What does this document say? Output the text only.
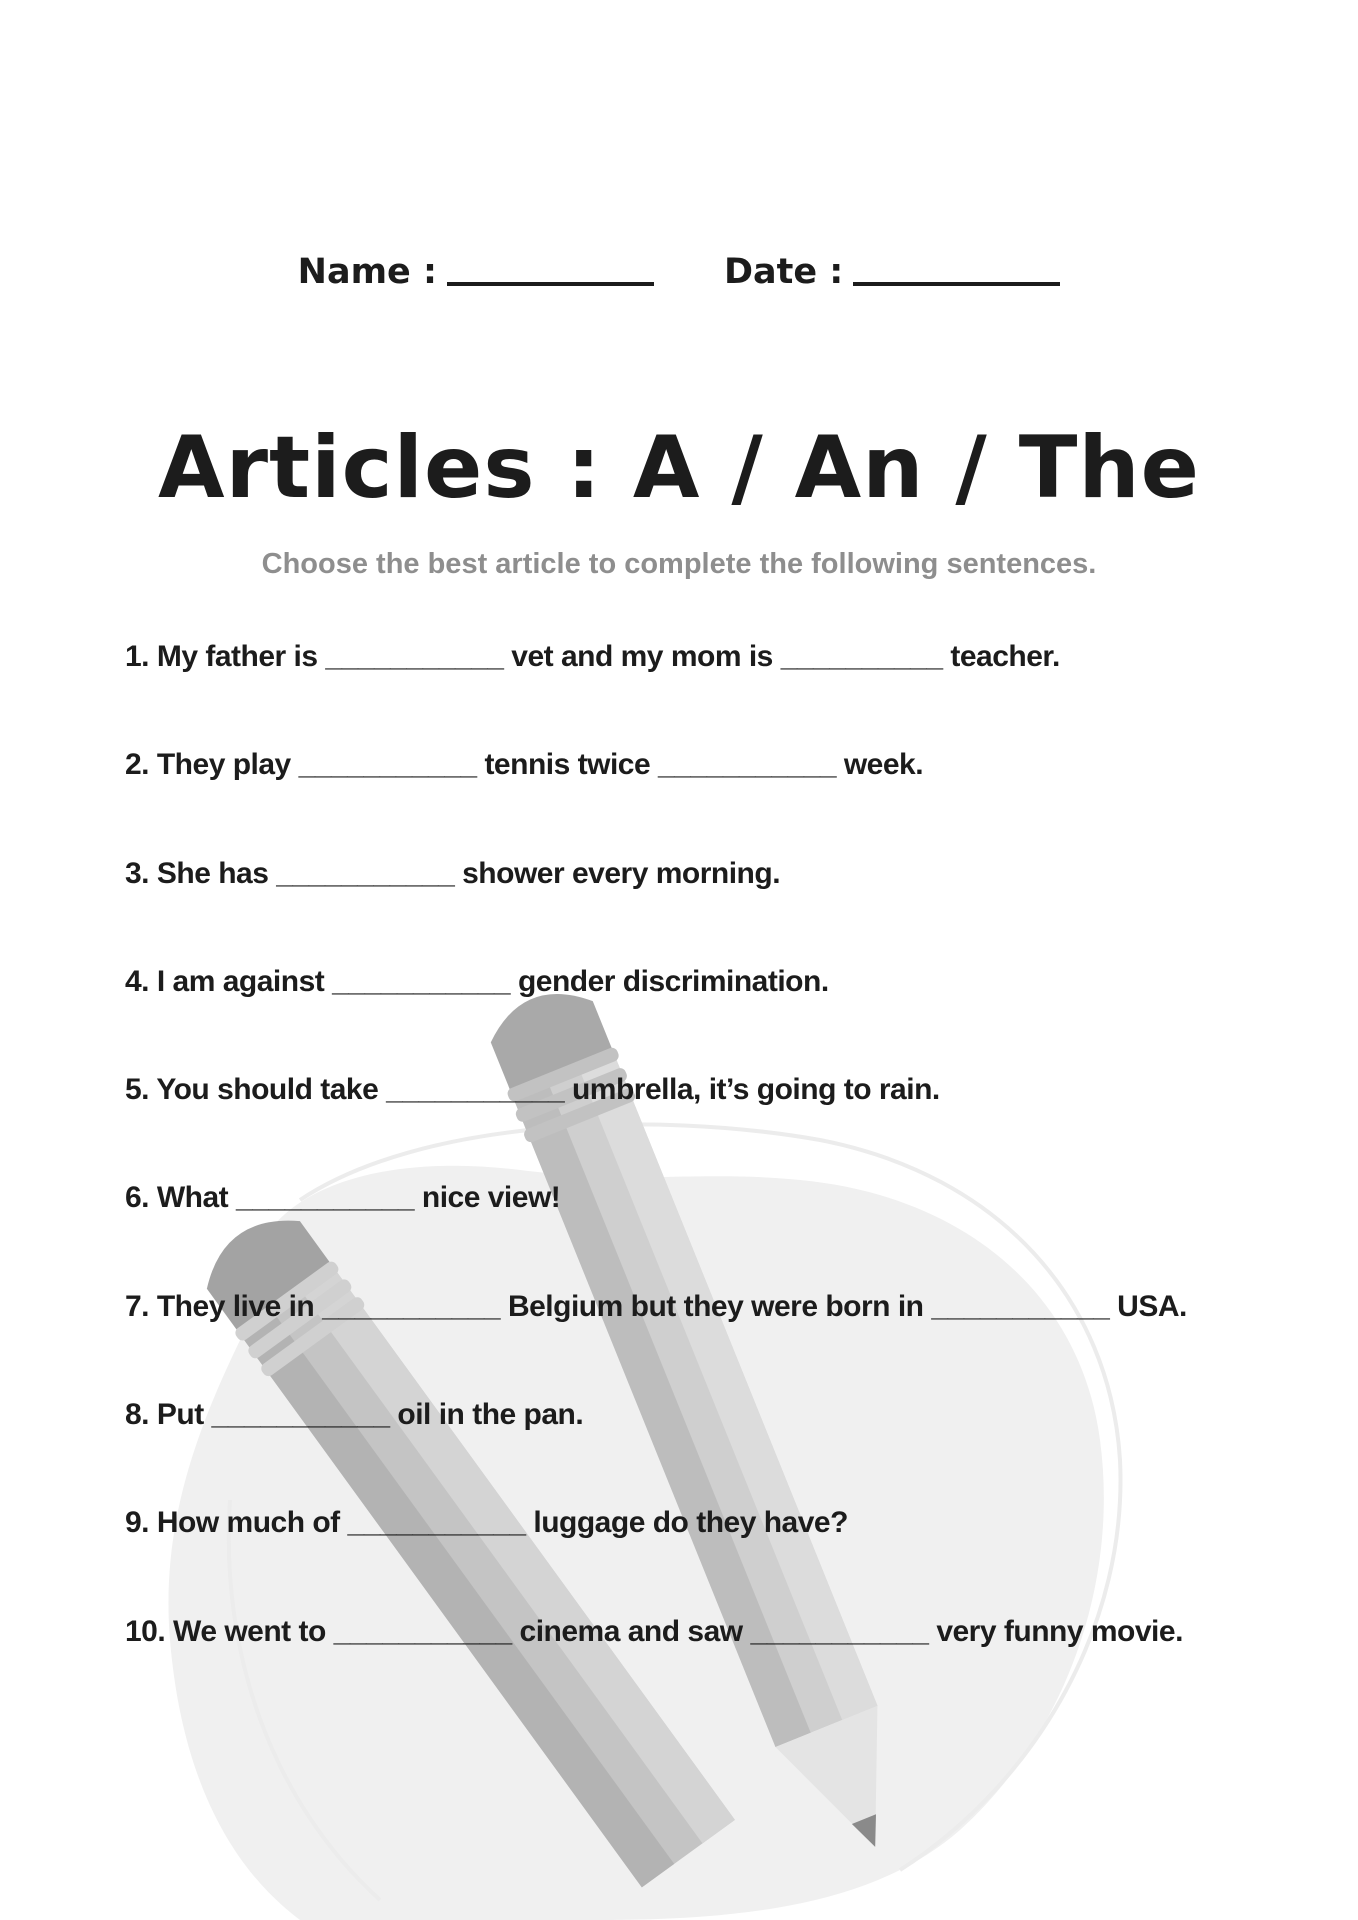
Name :	Date :
Articles : A / An / The
Choose the best article to complete the following sentences.
1. My father is ___________ vet and my mom is __________ teacher.
2. They play ___________ tennis twice ___________ week.
3. She has ___________ shower every morning.
4. I am against ___________ gender discrimination.
5. You should take ___________ umbrella, it’s going to rain.
6. What ___________ nice view!
7. They live in ___________ Belgium but they were born in ___________ USA.
8. Put ___________ oil in the pan.
9. How much of ___________ luggage do they have?
10. We went to ___________ cinema and saw ___________ very funny movie.
